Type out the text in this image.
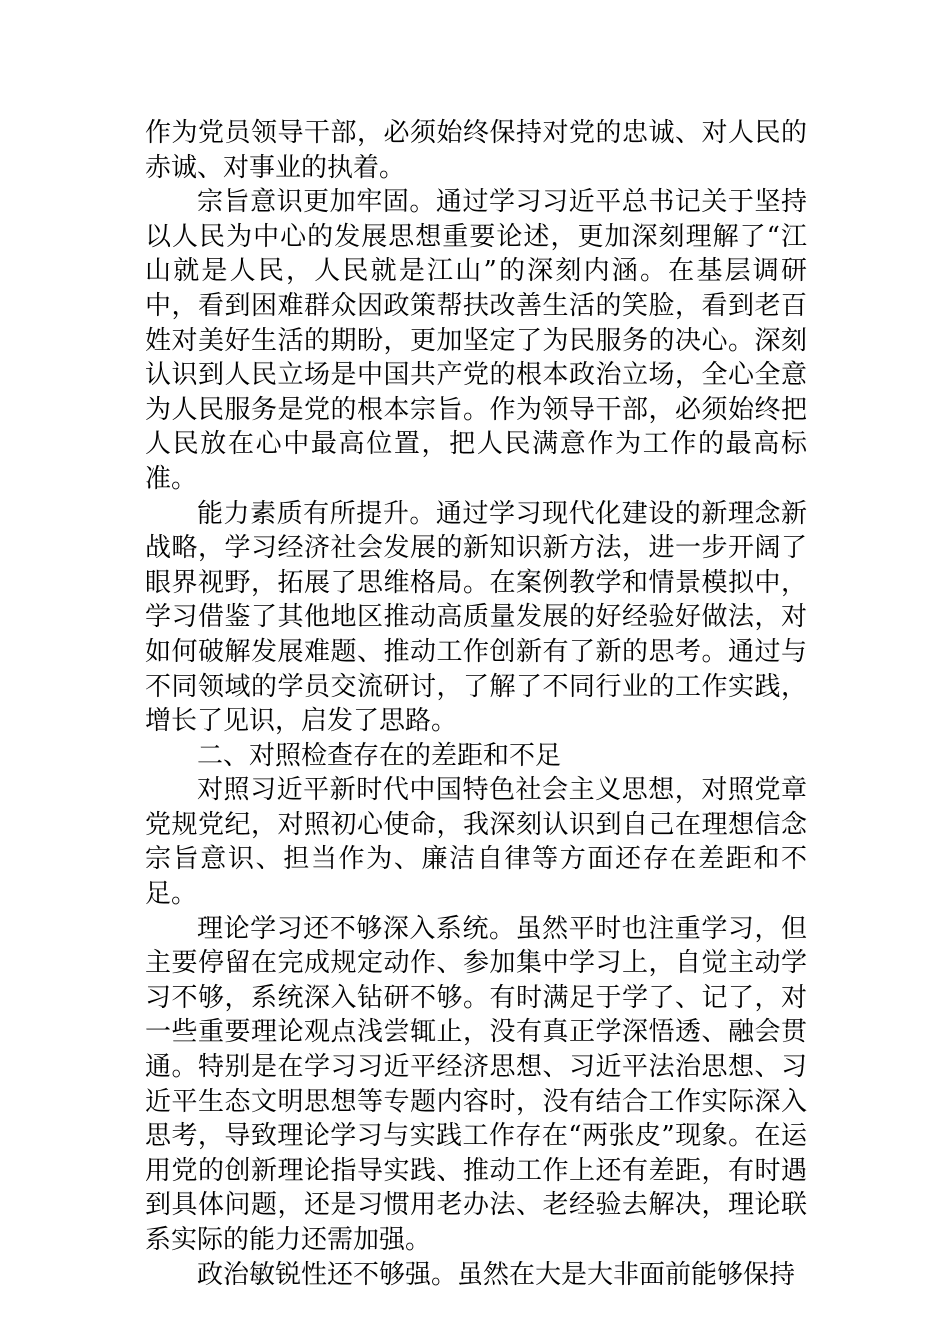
作为党员领导干部，必须始终保持对党的忠诚、对人民的赤诚、对事业的执着。

宗旨意识更加牢固。通过学习习近平总书记关于坚持以人民为中心的发展思想重要论述，更加深刻理解了“江山就是人民，人民就是江山”的深刻内涵。在基层调研中，看到困难群众因政策帮扶改善生活的笑脸，看到老百姓对美好生活的期盼，更加坚定了为民服务的决心。深刻认识到人民立场是中国共产党的根本政治立场，全心全意为人民服务是党的根本宗旨。作为领导干部，必须始终把人民放在心中最高位置，把人民满意作为工作的最高标准。

能力素质有所提升。通过学习现代化建设的新理念新战略，学习经济社会发展的新知识新方法，进一步开阔了眼界视野，拓展了思维格局。在案例教学和情景模拟中，学习借鉴了其他地区推动高质量发展的好经验好做法，对如何破解发展难题、推动工作创新有了新的思考。通过与不同领域的学员交流研讨，了解了不同行业的工作实践，增长了见识，启发了思路。

二、对照检查存在的差距和不足

对照习近平新时代中国特色社会主义思想，对照党章党规党纪，对照初心使命，我深刻认识到自己在理想信念宗旨意识、担当作为、廉洁自律等方面还存在差距和不足。

理论学习还不够深入系统。虽然平时也注重学习，但主要停留在完成规定动作、参加集中学习上，自觉主动学习不够，系统深入钻研不够。有时满足于学了、记了，对一些重要理论观点浅尝辄止，没有真正学深悟透、融会贯通。特别是在学习习近平经济思想、习近平法治思想、习近平生态文明思想等专题内容时，没有结合工作实际深入思考，导致理论学习与实践工作存在“两张皮”现象。在运用党的创新理论指导实践、推动工作上还有差距，有时遇到具体问题，还是习惯用老办法、老经验去解决，理论联系实际的能力还需加强。

政治敏锐性还不够强。虽然在大是大非面前能够保持
